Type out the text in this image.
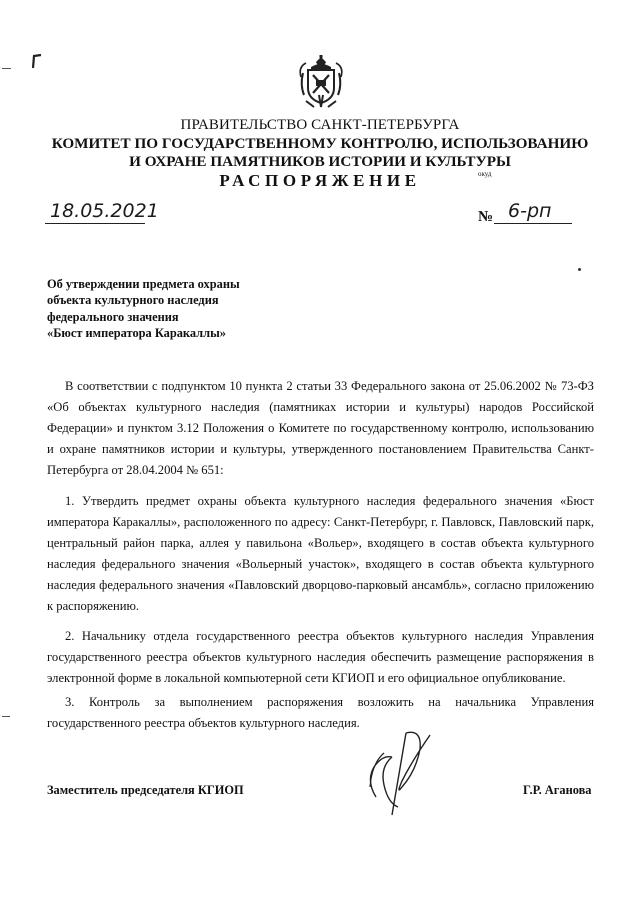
ПРАВИТЕЛЬСТВО САНКТ-ПЕТЕРБУРГА
КОМИТЕТ ПО ГОСУДАРСТВЕННОМУ КОНТРОЛЮ, ИСПОЛЬЗОВАНИЮ
И ОХРАНЕ ПАМЯТНИКОВ ИСТОРИИ И КУЛЬТУРЫ
РАСПОРЯЖЕНИЕ	окуд
18.05.2021	№ 6-рп
Об утверждении предмета охраны
объекта культурного наследия
федерального значения
«Бюст императора Каракаллы»

В соответствии с подпунктом 10 пункта 2 статьи 33 Федерального закона от 25.06.2002 № 73-ФЗ «Об объектах культурного наследия (памятниках истории и культуры) народов Российской Федерации» и пунктом 3.12 Положения о Комитете по государственному контролю, использованию и охране памятников истории и культуры, утвержденного постановлением Правительства Санкт-Петербурга от 28.04.2004 № 651:

1. Утвердить предмет охраны объекта культурного наследия федерального значения «Бюст императора Каракаллы», расположенного по адресу: Санкт-Петербург, г. Павловск, Павловский парк, центральный район парка, аллея у павильона «Вольер», входящего в состав объекта культурного наследия федерального значения «Вольерный участок», входящего в состав объекта культурного наследия федерального значения «Павловский дворцово-парковый ансамбль», согласно приложению к распоряжению.

2. Начальнику отдела государственного реестра объектов культурного наследия Управления государственного реестра объектов культурного наследия обеспечить размещение распоряжения в электронной форме в локальной компьютерной сети КГИОП и его официальное опубликование.

3. Контроль за выполнением распоряжения возложить на начальника Управления государственного реестра объектов культурного наследия.

Заместитель председателя КГИОП	Г.Р. Аганова
